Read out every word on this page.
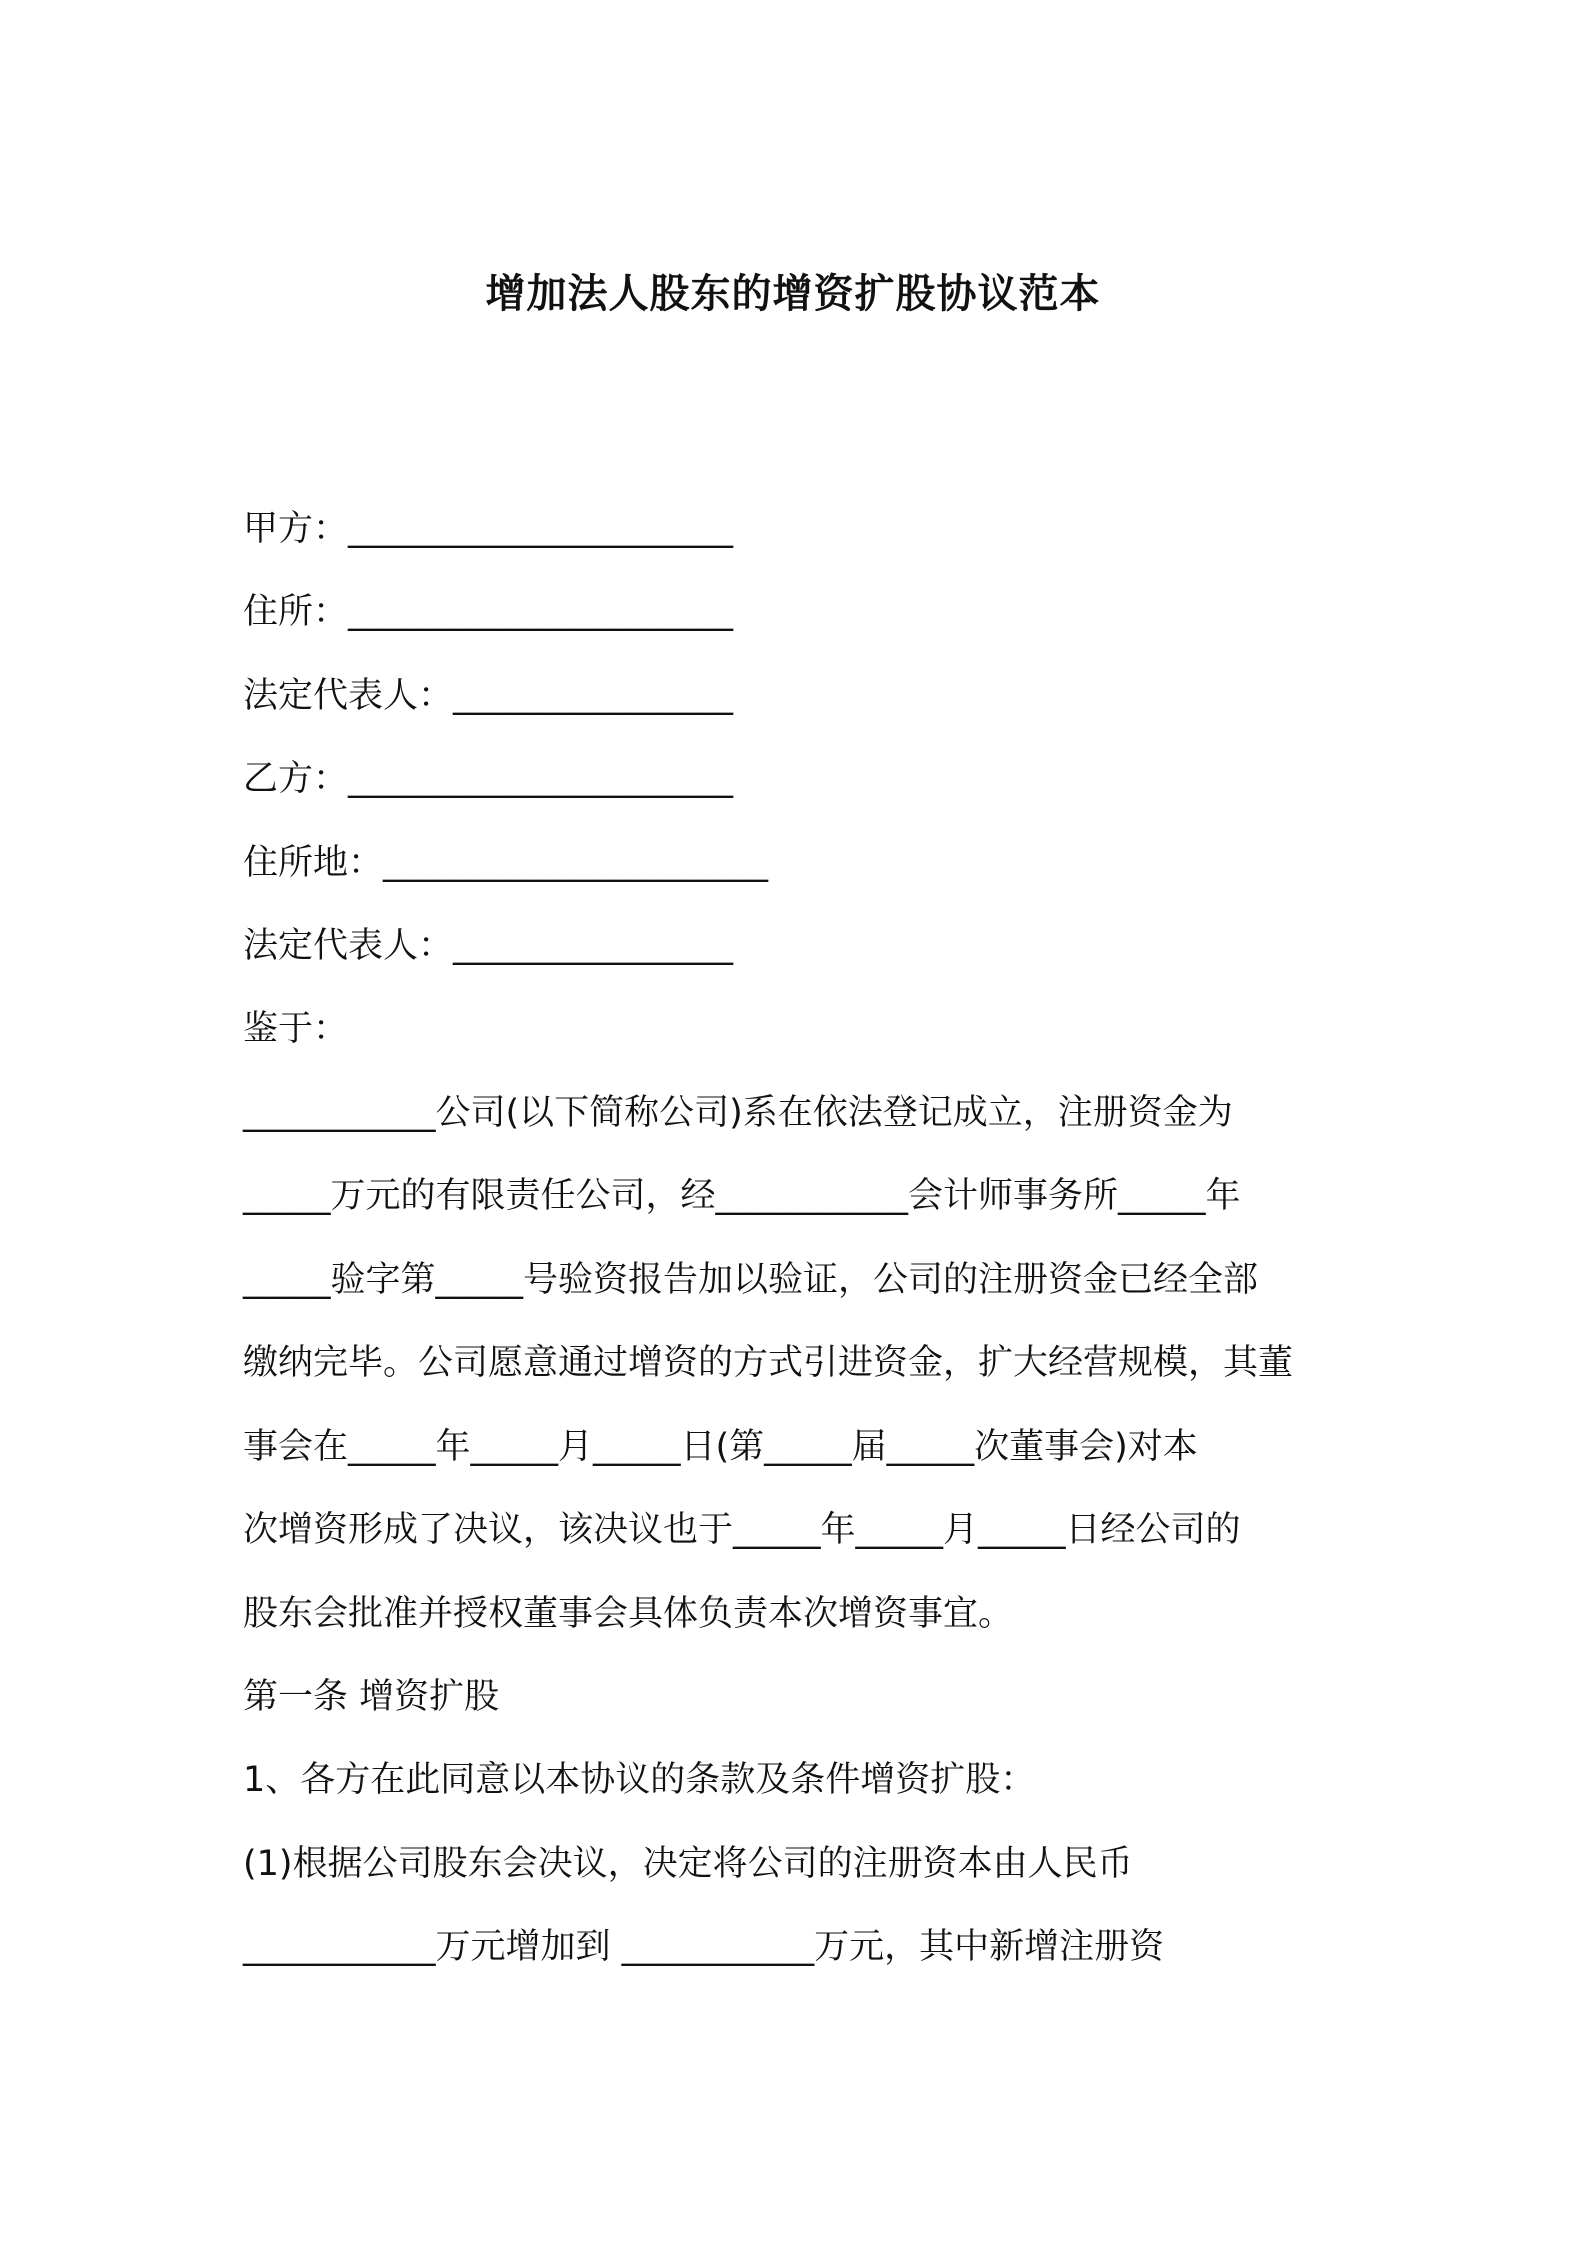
增加法人股东的增资扩股协议范本
甲方：______________________
住所：______________________
法定代表人：________________
乙方：______________________
住所地：______________________
法定代表人：________________
鉴于：
___________公司(以下简称公司)系在依法登记成立，注册资金为
_____万元的有限责任公司，经___________会计师事务所_____年
_____验字第_____号验资报告加以验证，公司的注册资金已经全部
缴纳完毕。公司愿意通过增资的方式引进资金，扩大经营规模，其董
事会在_____年_____月_____日(第_____届_____次董事会)对本
次增资形成了决议，该决议也于_____年_____月_____日经公司的
股东会批准并授权董事会具体负责本次增资事宜。
第一条 增资扩股
1、各方在此同意以本协议的条款及条件增资扩股：
(1)根据公司股东会决议，决定将公司的注册资本由人民币
___________万元增加到 ___________万元，其中新增注册资
